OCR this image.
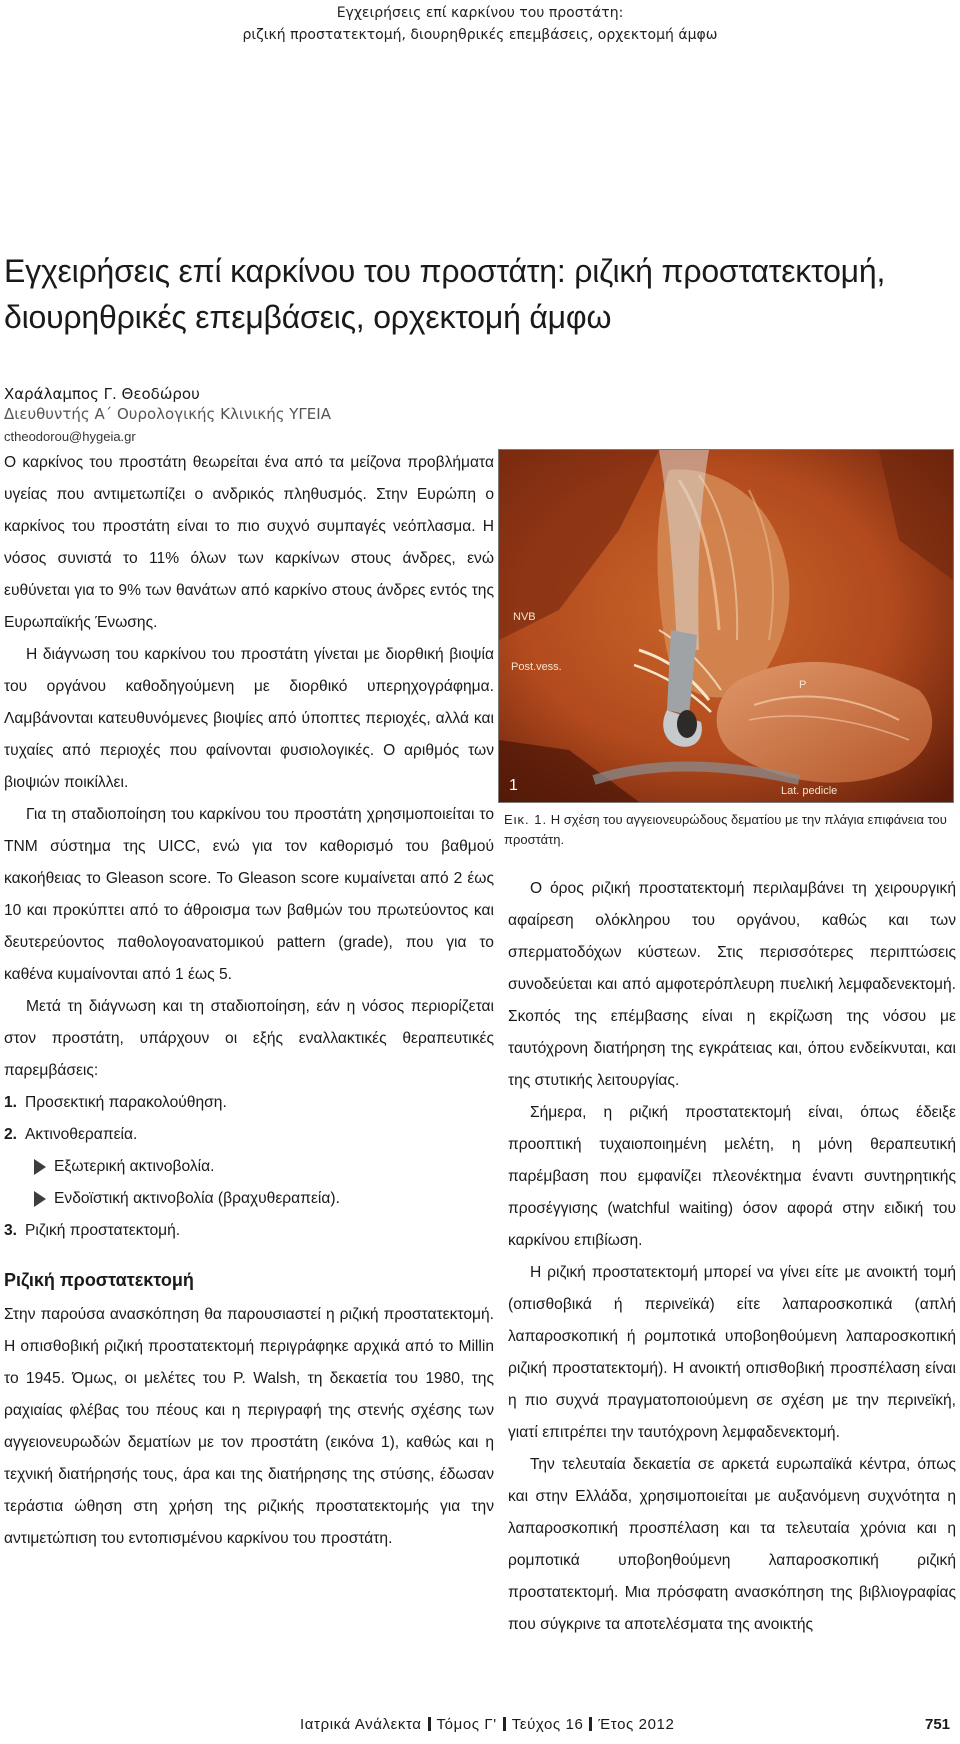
Εγχειρήσεις επί καρκίνου του προστάτη:
ριζική προστατεκτομή, διουρηθρικές επεμβάσεις, ορχεκτομή άμφω
Εγχειρήσεις επί καρκίνου του προστάτη: ριζική προστατεκτομή,
διουρηθρικές επεμβάσεις, ορχεκτομή άμφω
Χαράλαμπος Γ. Θεοδώρου
Διευθυντής Α΄ Ουρολογικής Κλινικής ΥΓΕΙΑ
ctheodorou@hygeia.gr

Ο καρκίνος του προστάτη θεωρείται ένα από τα μείζονα προβλήματα υγείας που αντιμετωπίζει ο ανδρικός πληθυσμός. Στην Ευρώπη ο καρκίνος του προστάτη είναι το πιο συχνό συμπαγές νεόπλασμα. Η νόσος συνιστά το 11% όλων των καρκίνων στους άνδρες, ενώ ευθύνεται για το 9% των θανάτων από καρκίνο στους άνδρες εντός της Ευρωπαϊκής Ένωσης.

Η διάγνωση του καρκίνου του προστάτη γίνεται με διορθική βιοψία του οργάνου καθοδηγούμενη με διορθικό υπερηχογράφημα. Λαμβάνονται κατευθυνόμενες βιοψίες από ύποπτες περιοχές, αλλά και τυχαίες από περιοχές που φαίνονται φυσιολογικές. Ο αριθμός των βιοψιών ποικίλλει.

Για τη σταδιοποίηση του καρκίνου του προστάτη χρησιμοποιείται το TNM σύστημα της UICC, ενώ για τον καθορισμό του βαθμού κακοήθειας το Gleason score. Το Gleason score κυμαίνεται από 2 έως 10 και προκύπτει από το άθροισμα των βαθμών του πρωτεύοντος και δευτερεύοντος παθολογοανατομικού pattern (grade), που για το καθένα κυμαίνονται από 1 έως 5.

Μετά τη διάγνωση και τη σταδιοποίηση, εάν η νόσος περιορίζεται στον προστάτη, υπάρχουν οι εξής εναλλακτικές θεραπευτικές παρεμβάσεις:

1. Προσεκτική παρακολούθηση.
2. Ακτινοθεραπεία.
Εξωτερική ακτινοβολία.
Ενδοϊστική ακτινοβολία (βραχυθεραπεία).
3. Ριζική προστατεκτομή.
Ριζική προστατεκτομή

Στην παρούσα ανασκόπηση θα παρουσιαστεί η ριζική προστατεκτομή. Η οπισθοβική ριζική προστατεκτομή περιγράφηκε αρχικά από το Millin το 1945. Όμως, οι μελέτες του P. Walsh, τη δεκαετία του 1980, της ραχιαίας φλέβας του πέους και η περιγραφή της στενής σχέσης των αγγειονευρωδών δεματίων με τον προστάτη (εικόνα 1), καθώς και η τεχνική διατήρησής τους, άρα και της διατήρησης της στύσης, έδωσαν τεράστια ώθηση στη χρήση της ριζικής προστατεκτομής για την αντιμετώπιση του εντοπισμένου καρκίνου του προστάτη.

NVB
Post.vess.
P
Lat. pedicle
1
Εικ. 1. Η σχέση του αγγειονευρώδους δεματίου με την πλάγια επιφάνεια του προστάτη.

Ο όρος ριζική προστατεκτομή περιλαμβάνει τη χειρουργική αφαίρεση ολόκληρου του οργάνου, καθώς και των σπερματοδόχων κύστεων. Στις περισσότερες περιπτώσεις συνοδεύεται και από αμφοτερόπλευρη πυελική λεμφαδενεκτομή. Σκοπός της επέμβασης είναι η εκρίζωση της νόσου με ταυτόχρονη διατήρηση της εγκράτειας και, όπου ενδείκνυται, και της στυτικής λειτουργίας.

Σήμερα, η ριζική προστατεκτομή είναι, όπως έδειξε προοπτική τυχαιοποιημένη μελέτη, η μόνη θεραπευτική παρέμβαση που εμφανίζει πλεονέκτημα έναντι συντηρητικής προσέγγισης (watchful waiting) όσον αφορά στην ειδική του καρκίνου επιβίωση.

Η ριζική προστατεκτομή μπορεί να γίνει είτε με ανοικτή τομή (οπισθοβικά ή περινεϊκά) είτε λαπαροσκοπικά (απλή λαπαροσκοπική ή ρομποτικά υποβοηθούμενη λαπαροσκοπική ριζική προστατεκτομή). Η ανοικτή οπισθοβική προσπέλαση είναι η πιο συχνά πραγματοποιούμενη σε σχέση με την περινεϊκή, γιατί επιτρέπει την ταυτόχρονη λεμφαδενεκτομή.

Την τελευταία δεκαετία σε αρκετά ευρωπαϊκά κέντρα, όπως και στην Ελλάδα, χρησιμοποιείται με αυξανόμενη συχνότητα η λαπαροσκοπική προσπέλαση και τα τελευταία χρόνια και η ρομποτικά υποβοηθούμενη λαπαροσκοπική ριζική προστατεκτομή. Μια πρόσφατη ανασκόπηση της βιβλιογραφίας που σύγκρινε τα αποτελέσματα της ανοικτής

Ιατρικά Ανάλεκτα Τόμος Γ' Τεύχος 16 Έτος 2012	751
